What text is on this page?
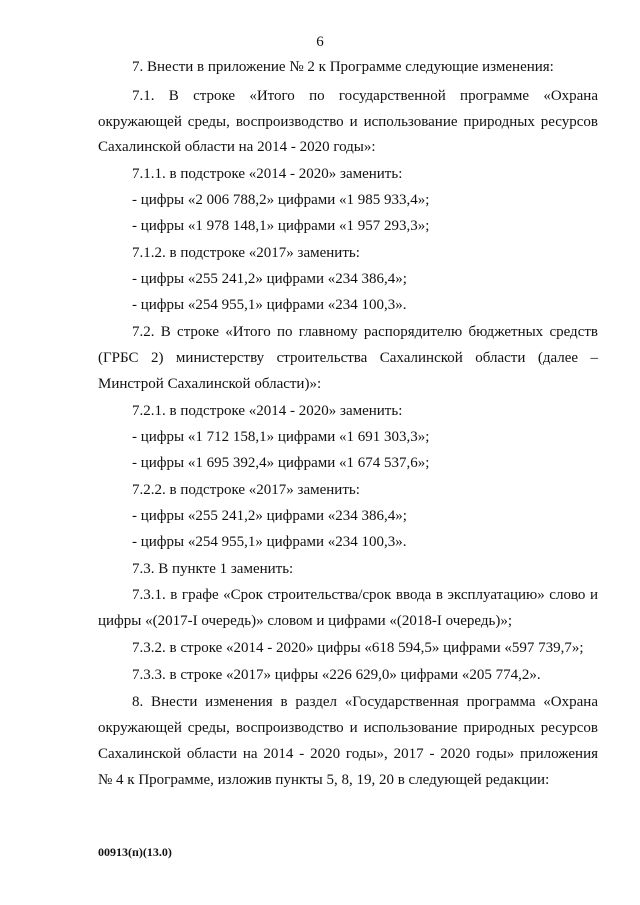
6
7. Внести в приложение № 2 к Программе следующие изменения:
7.1. В строке «Итого по государственной программе «Охрана
окружающей среды, воспроизводство и использование природных ресурсов
Сахалинской области на 2014 - 2020 годы»:
7.1.1. в подстроке «2014 - 2020» заменить:
- цифры «2 006 788,2» цифрами «1 985 933,4»;
- цифры «1 978 148,1» цифрами «1 957 293,3»;
7.1.2. в подстроке «2017» заменить:
- цифры «255 241,2» цифрами «234 386,4»;
- цифры «254 955,1» цифрами «234 100,3».
7.2. В строке «Итого по главному распорядителю бюджетных средств
(ГРБС 2) министерству строительства Сахалинской области (далее –
Минстрой Сахалинской области)»:
7.2.1. в подстроке «2014 - 2020» заменить:
- цифры «1 712 158,1» цифрами «1 691 303,3»;
- цифры «1 695 392,4» цифрами «1 674 537,6»;
7.2.2. в подстроке «2017» заменить:
- цифры «255 241,2» цифрами «234 386,4»;
- цифры «254 955,1» цифрами «234 100,3».
7.3. В пункте 1 заменить:
7.3.1. в графе «Срок строительства/срок ввода в эксплуатацию» слово и
цифры «(2017-I очередь)» словом и цифрами «(2018-I очередь)»;
7.3.2. в строке «2014 - 2020» цифры «618 594,5» цифрами «597 739,7»;
7.3.3. в строке «2017» цифры «226 629,0» цифрами «205 774,2».
8. Внести изменения в раздел «Государственная программа «Охрана
окружающей среды, воспроизводство и использование природных ресурсов
Сахалинской области на 2014 - 2020 годы», 2017 - 2020 годы» приложения
№ 4 к Программе, изложив пункты 5, 8, 19, 20 в следующей редакции:
00913(п)(13.0)
